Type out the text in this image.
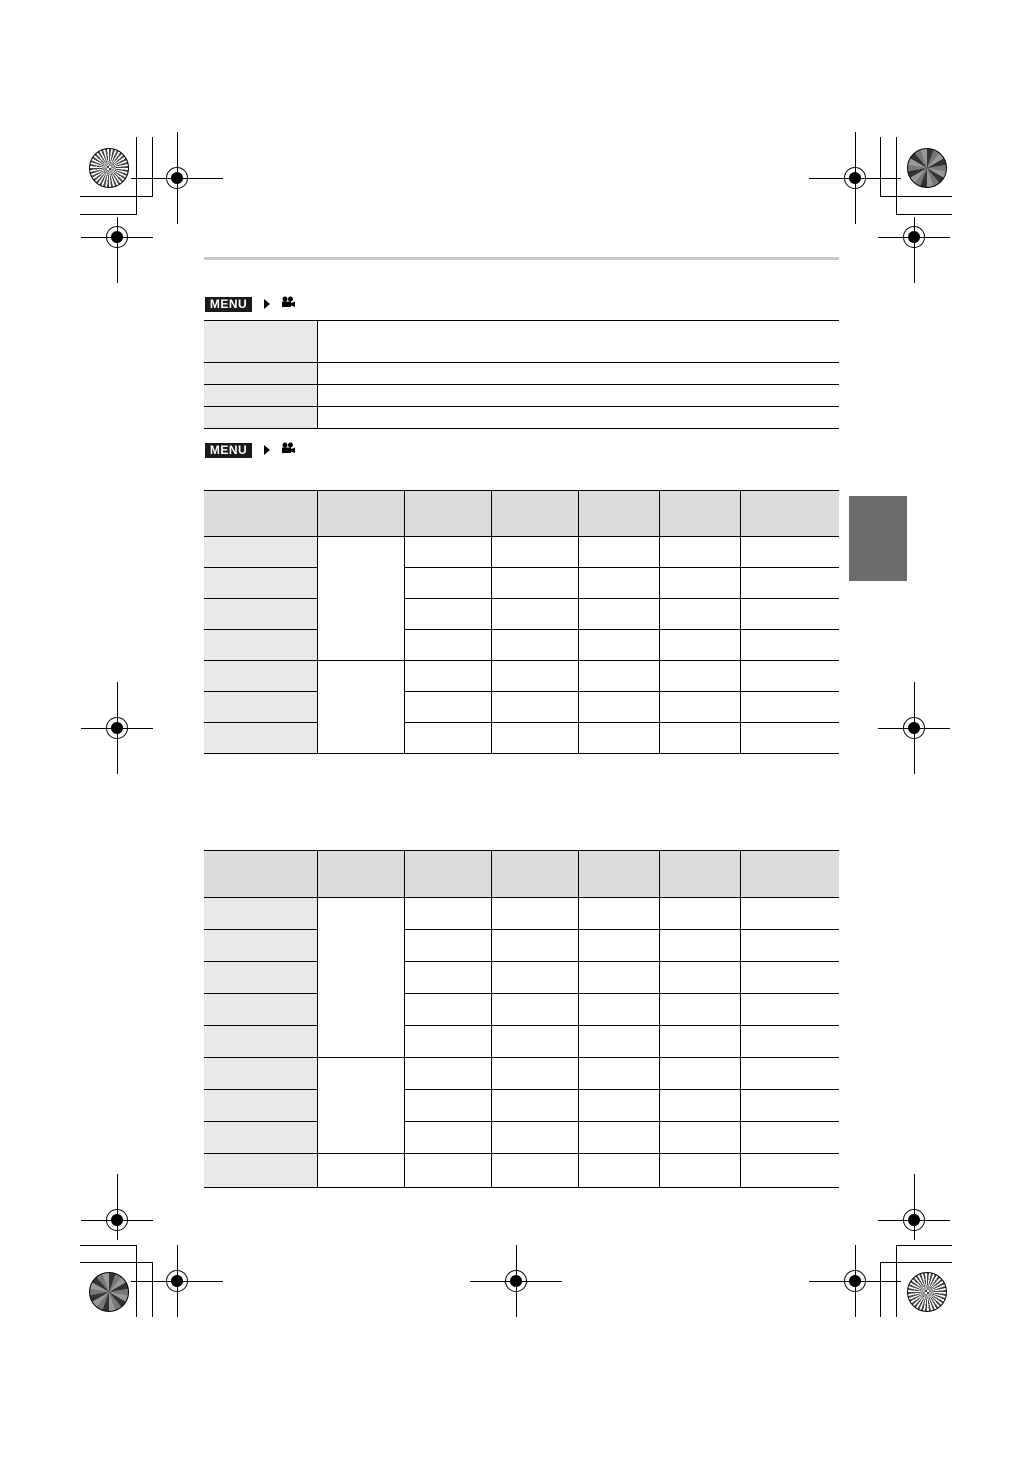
MENU

MENU
